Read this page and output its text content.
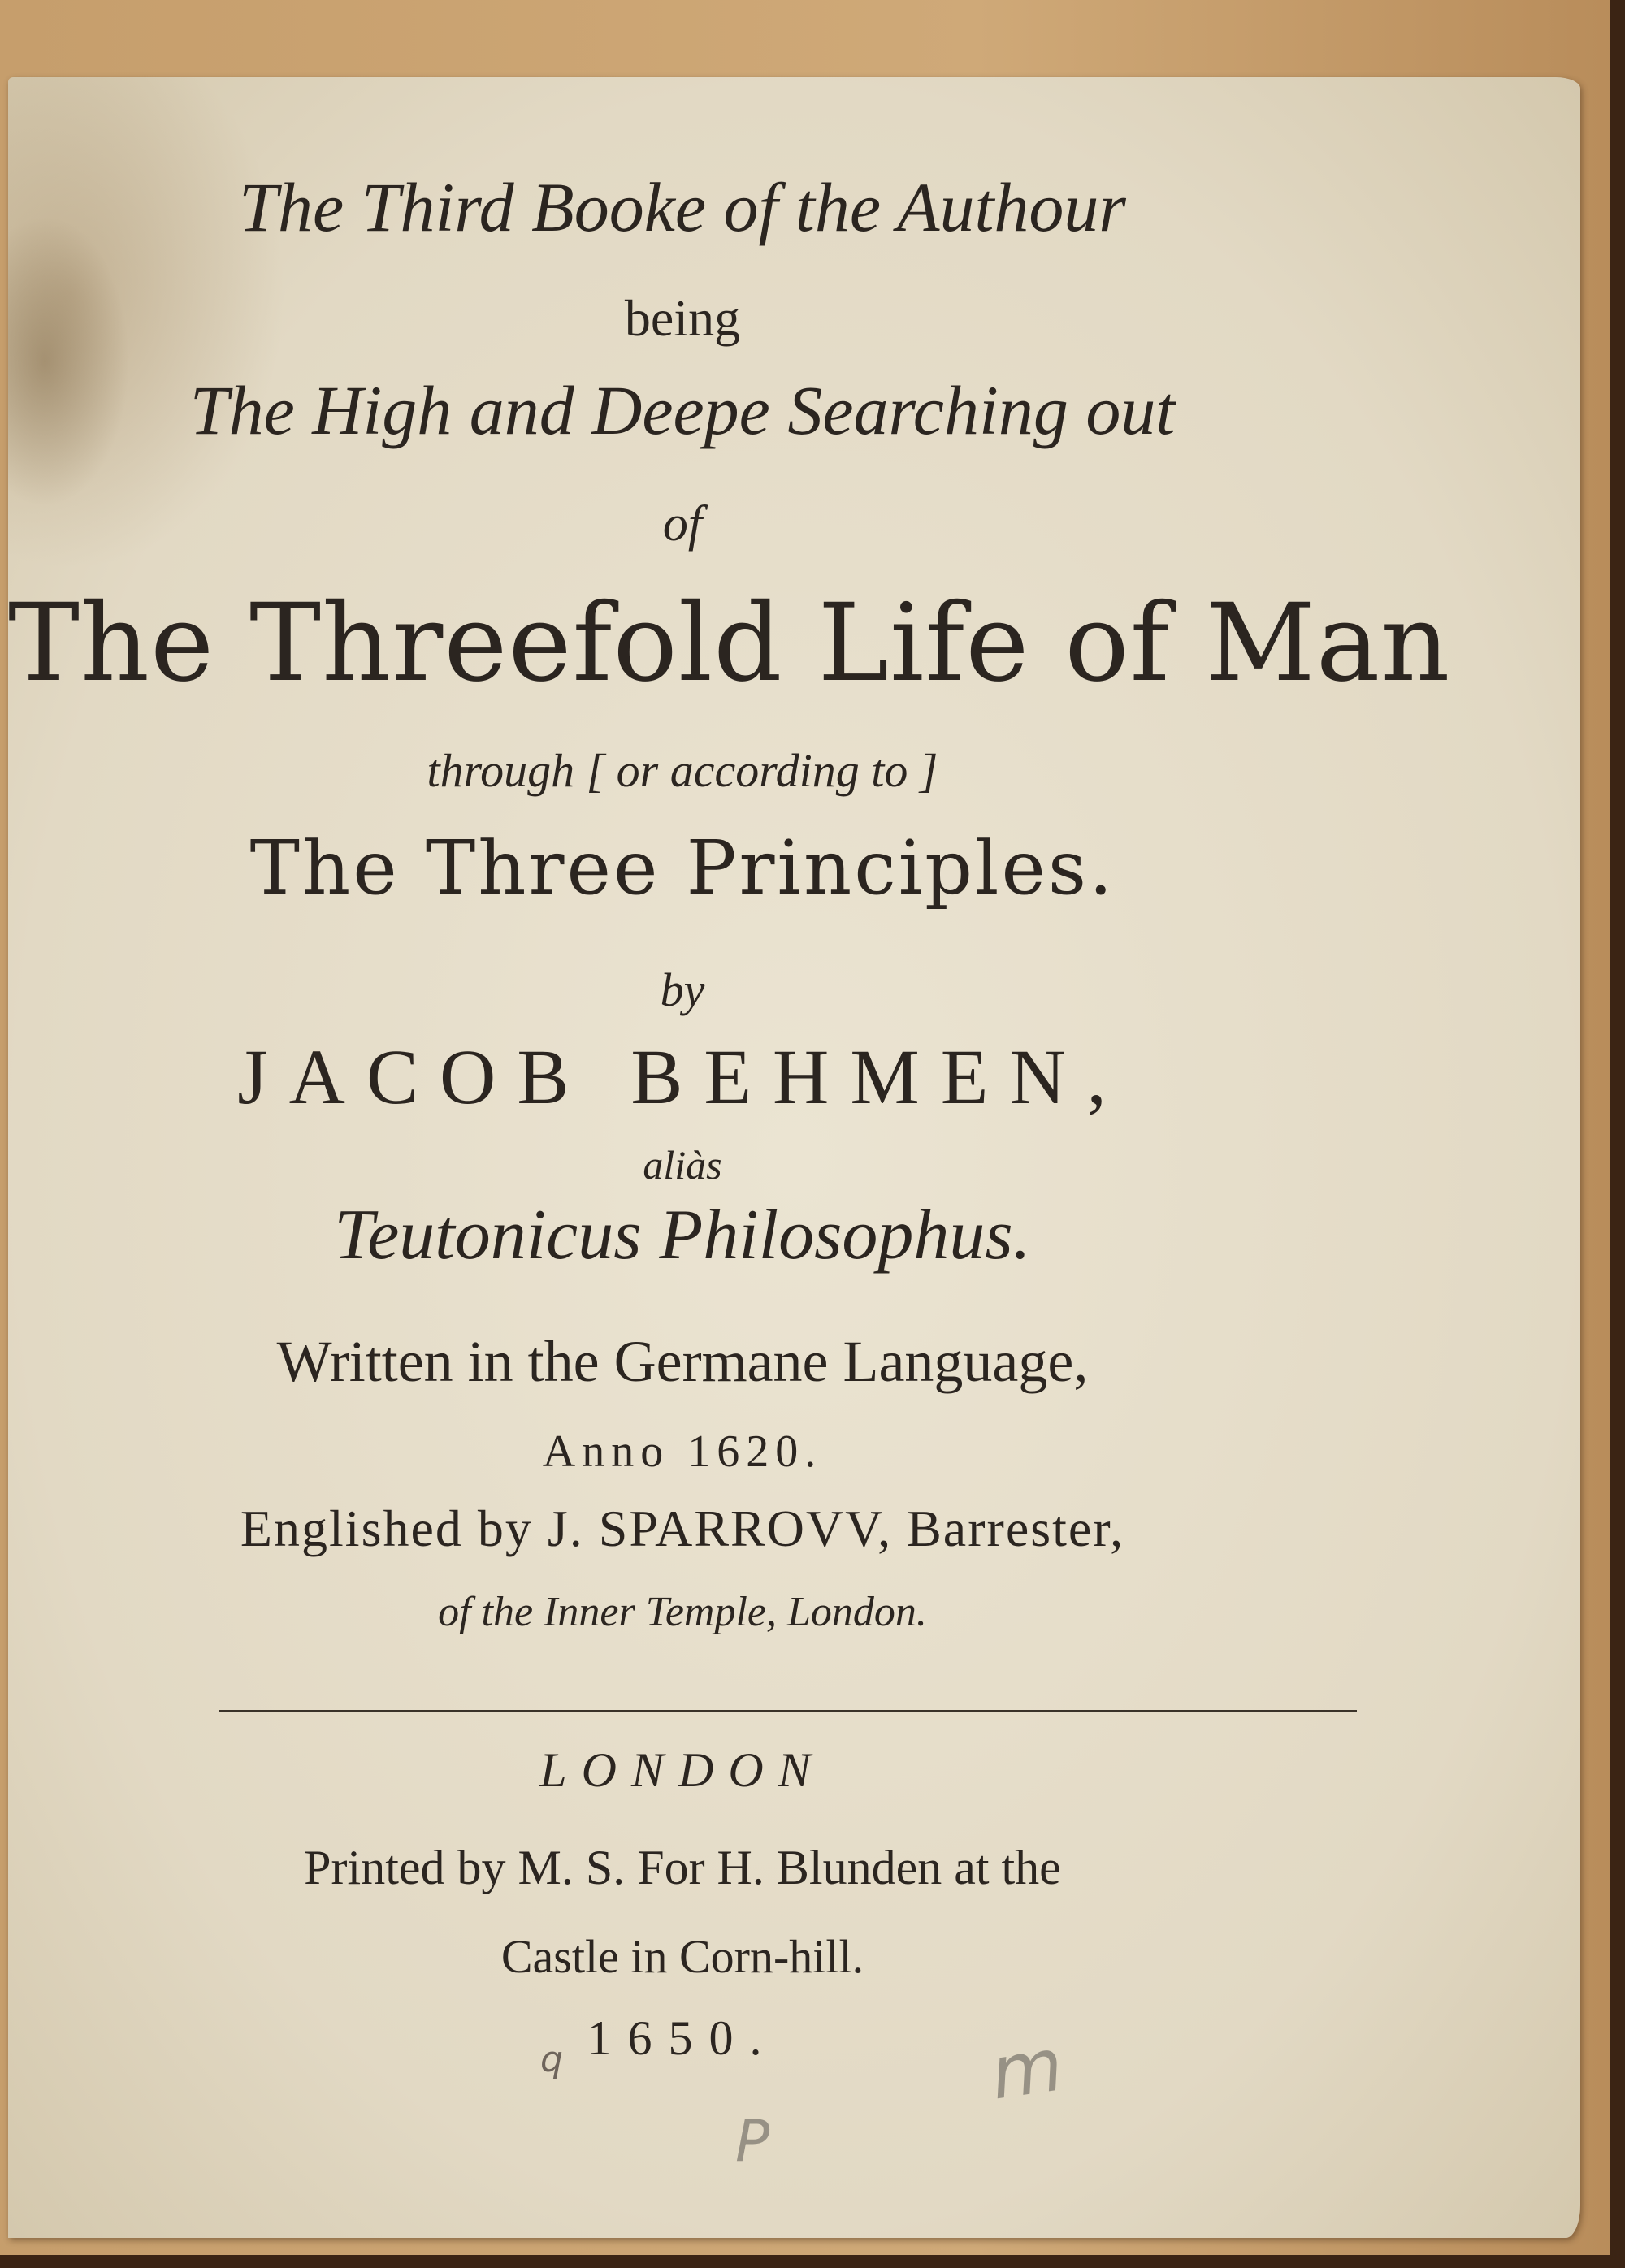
The Third Booke of the Authour
being
The High and Deepe Searching out
of
The Threefold Life of Man
through [ or according to ]
The Three Principles.
by
JACOB BEHMEN,
aliàs
Teutonicus Philosophus.
Written in the Germane Language,
Anno 1620.
Englished by J. SPARROVV, Barrester,
of the Inner Temple, London.
LONDON
Printed by M. S. For H. Blunden at the
Castle in Corn-hill.
1650.	m
P
q
